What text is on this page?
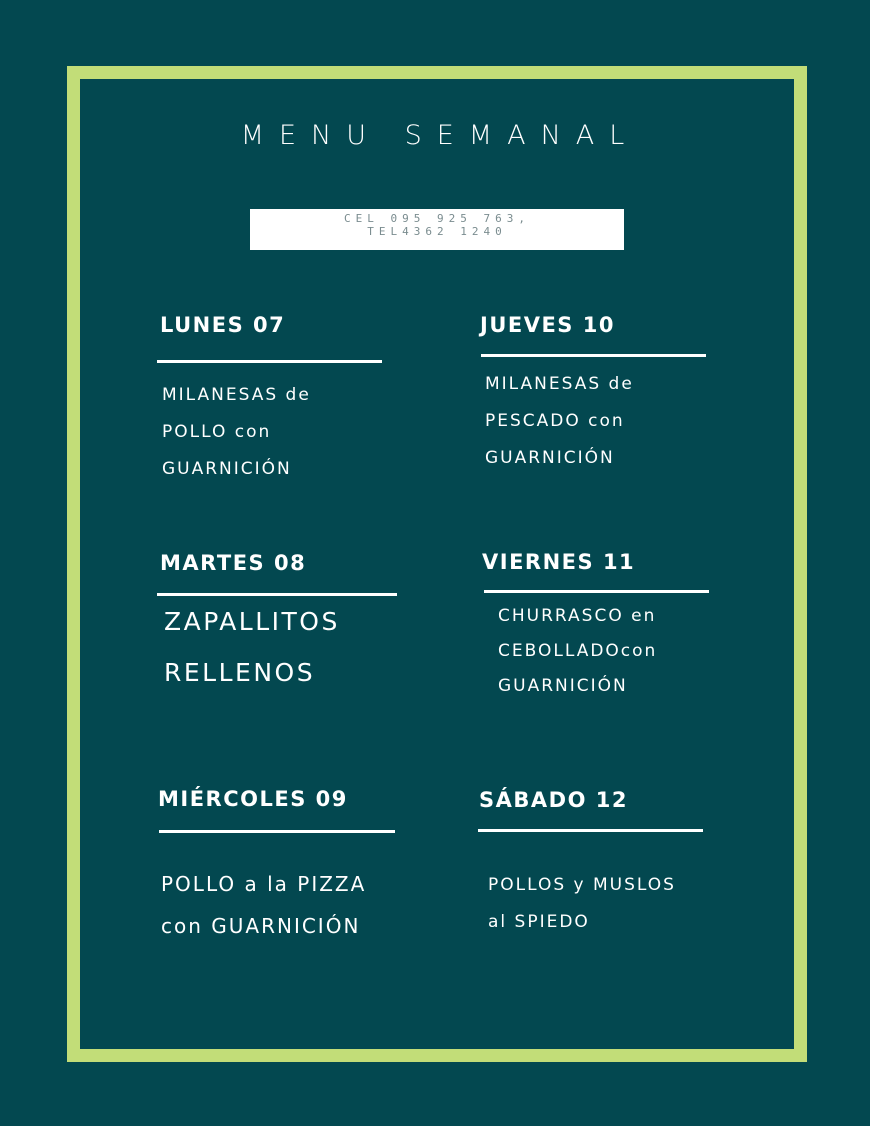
MENU SEMANAL
CEL 095 925 763,
TEL4362 1240
LUNES 07
MILANESAS de
POLLO con
GUARNICIÓN
JUEVES 10
MILANESAS de
PESCADO con
GUARNICIÓN
MARTES 08
ZAPALLITOS
RELLENOS
VIERNES 11
CHURRASCO en
CEBOLLADOcon
GUARNICIÓN
MIÉRCOLES 09
POLLO a la PIZZA
con GUARNICIÓN
SÁBADO 12
POLLOS y MUSLOS
al SPIEDO
